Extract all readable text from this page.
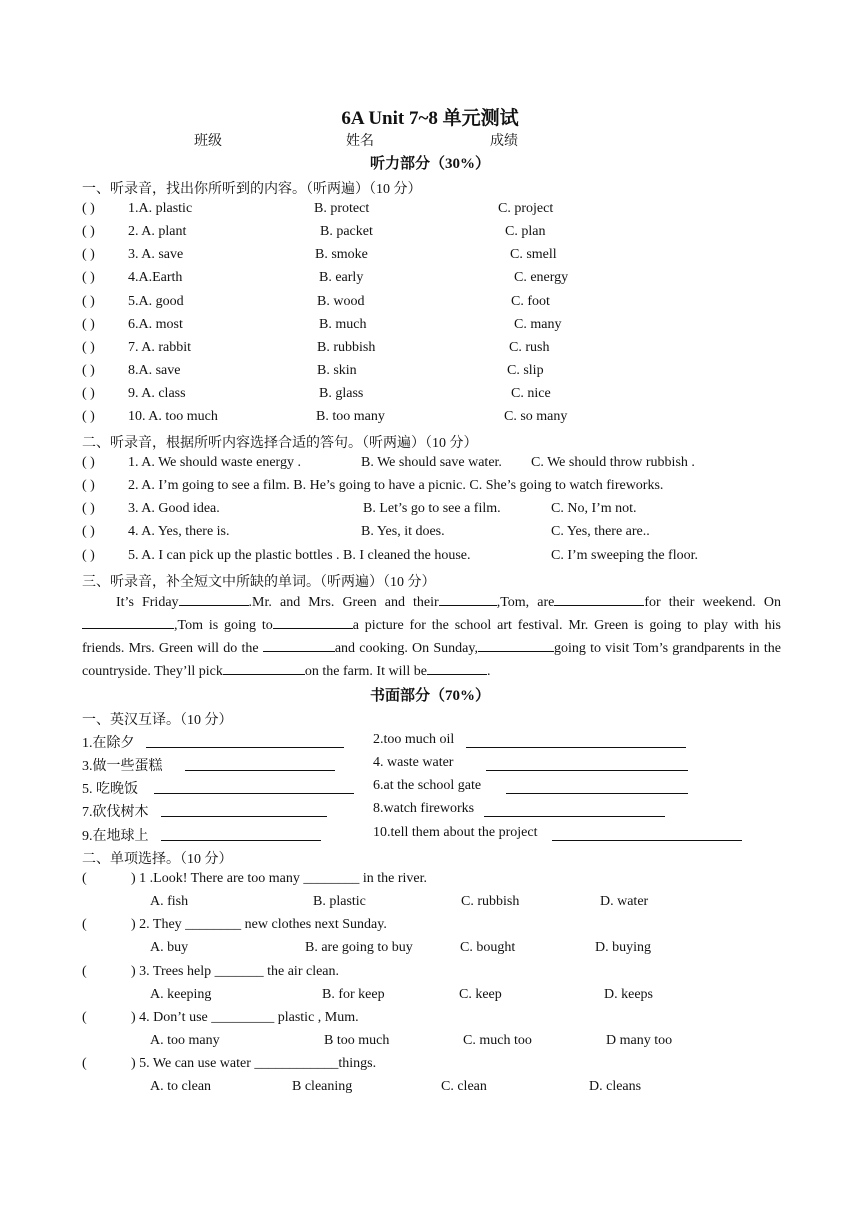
6A Unit 7~8 单元测试
班级	姓名	成绩
听力部分（30%）
一、听录音，找出你所听到的内容。（听两遍）（10 分）
( ) 1.A. plastic	B. protect	C. project
( ) 2. A. plant	B. packet	C. plan
( ) 3. A. save	B. smoke	C. smell
( ) 4.A.Earth	B. early	C. energy
( ) 5.A. good	B. wood	C. foot
( ) 6.A. most	B. much	C. many
( ) 7. A. rabbit	B. rubbish	C. rush
( ) 8.A. save	B. skin	C. slip
( ) 9. A. class	B. glass	C. nice
( ) 10. A. too much	B. too many	C. so many
二、听录音，根据所听内容选择合适的答句。（听两遍）（10 分）
( ) 1. A. We should waste energy .	B. We should save water. C. We should throw rubbish .
( ) 2. A. I’m going to see a film. B. He’s going to have a picnic. C. She’s going to watch fireworks.
( ) 3. A. Good idea.	B. Let’s go to see a film.	C. No, I’m not.
( ) 4. A. Yes, there is.	B. Yes, it does.	C. Yes, there are..
( ) 5. A. I can pick up the plastic bottles . B. I cleaned the house.	C. I’m sweeping the floor.
三、听录音，补全短文中所缺的单词。（听两遍）（10 分）
It’s Friday	.Mr. and Mrs. Green and their	,Tom, are	for their weekend. On ,Tom is going to	a picture for the school art festival. Mr. Green is going to play with his friends. Mrs. Green will do the	and cooking. On Sunday,	going to visit Tom’s grandparents in the countryside. They’ll pick	on the farm. It will be	.
书面部分（70%）
一、英汉互译。（10 分）
1.在除夕	2.too much oil
3.做一些蛋糕	4. waste water
5. 吃晚饭	6.at the school gate
7.砍伐树木	8.watch fireworks
9.在地球上	10.tell them about the project
二、单项选择。（10 分）
(	) 1 .Look! There are too many ________ in the river.
A. fish	B. plastic	C. rubbish	D. water
(	) 2. They ________ new clothes next Sunday.
A. buy	B. are going to buy	C. bought	D. buying
(	) 3. Trees help _______ the air clean.
A. keeping	B. for keep	C. keep	D. keeps
(	) 4. Don’t use _________ plastic , Mum.
A. too many	B too much	C. much too	D many too
(	) 5. We can use water ____________things.
A. to clean	B cleaning	C. clean	D. cleans
